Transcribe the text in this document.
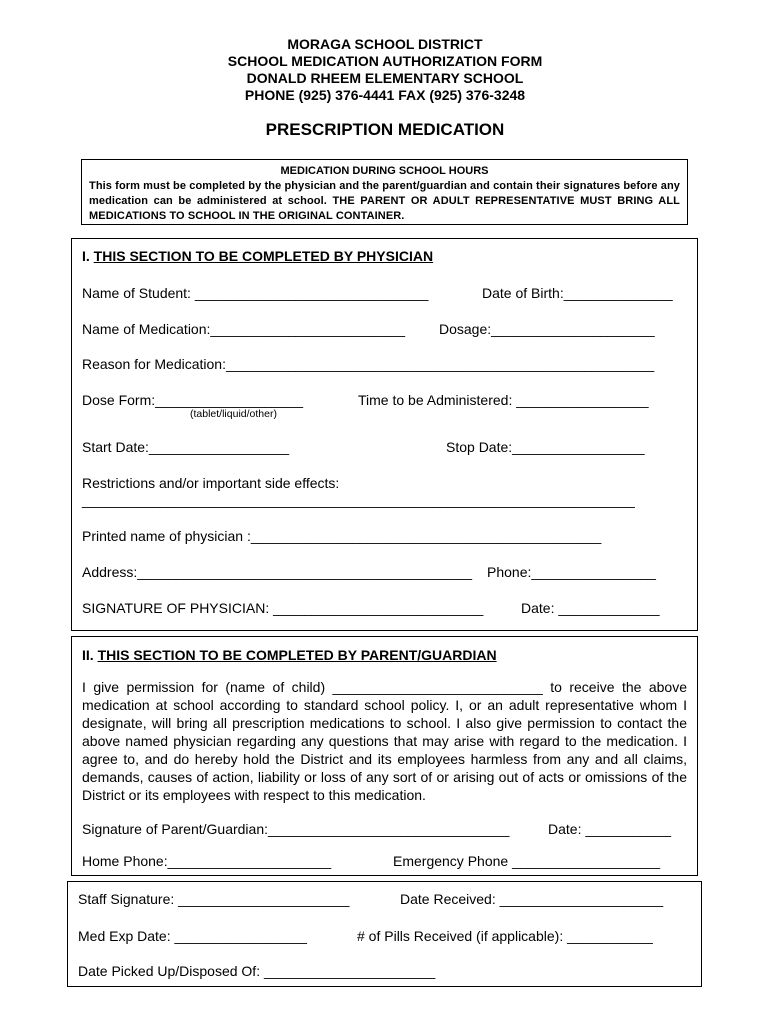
MORAGA SCHOOL DISTRICT
SCHOOL MEDICATION AUTHORIZATION FORM
DONALD RHEEM ELEMENTARY SCHOOL
PHONE (925) 376-4441 FAX (925) 376-3248
PRESCRIPTION MEDICATION
MEDICATION DURING SCHOOL HOURS
This form must be completed by the physician and the parent/guardian and contain their signatures before any medication can be administered at school. THE PARENT OR ADULT REPRESENTATIVE MUST BRING ALL MEDICATIONS TO SCHOOL IN THE ORIGINAL CONTAINER.
I. THIS SECTION TO BE COMPLETED BY PHYSICIAN
Name of Student: ______________________________	Date of Birth:______________
Name of Medication:_________________________ Dosage:_____________________
Reason for Medication:_______________________________________________________
Dose Form:___________________
(tablet/liquid/other)
Time to be Administered: _________________
Start Date:__________________	Stop Date:_________________
Restrictions and/or important side effects:
_______________________________________________________________________
Printed name of physician :_____________________________________________
Address:___________________________________________ Phone:________________
SIGNATURE OF PHYSICIAN: ___________________________	Date: _____________
II. THIS SECTION TO BE COMPLETED BY PARENT/GUARDIAN
I give permission for (name of child) ___________________________ to receive the above medication at school according to standard school policy. I, or an adult representative whom I designate, will bring all prescription medications to school. I also give permission to contact the above named physician regarding any questions that may arise with regard to the medication. I agree to, and do hereby hold the District and its employees harmless from any and all claims, demands, causes of action, liability or loss of any sort of or arising out of acts or omissions of the District or its employees with respect to this medication.
Signature of Parent/Guardian:_______________________________	Date: ___________
Home Phone:_____________________	Emergency Phone ___________________
Staff Signature: ______________________	Date Received: _____________________
Med Exp Date: _________________	# of Pills Received (if applicable): ___________
Date Picked Up/Disposed Of: ______________________
